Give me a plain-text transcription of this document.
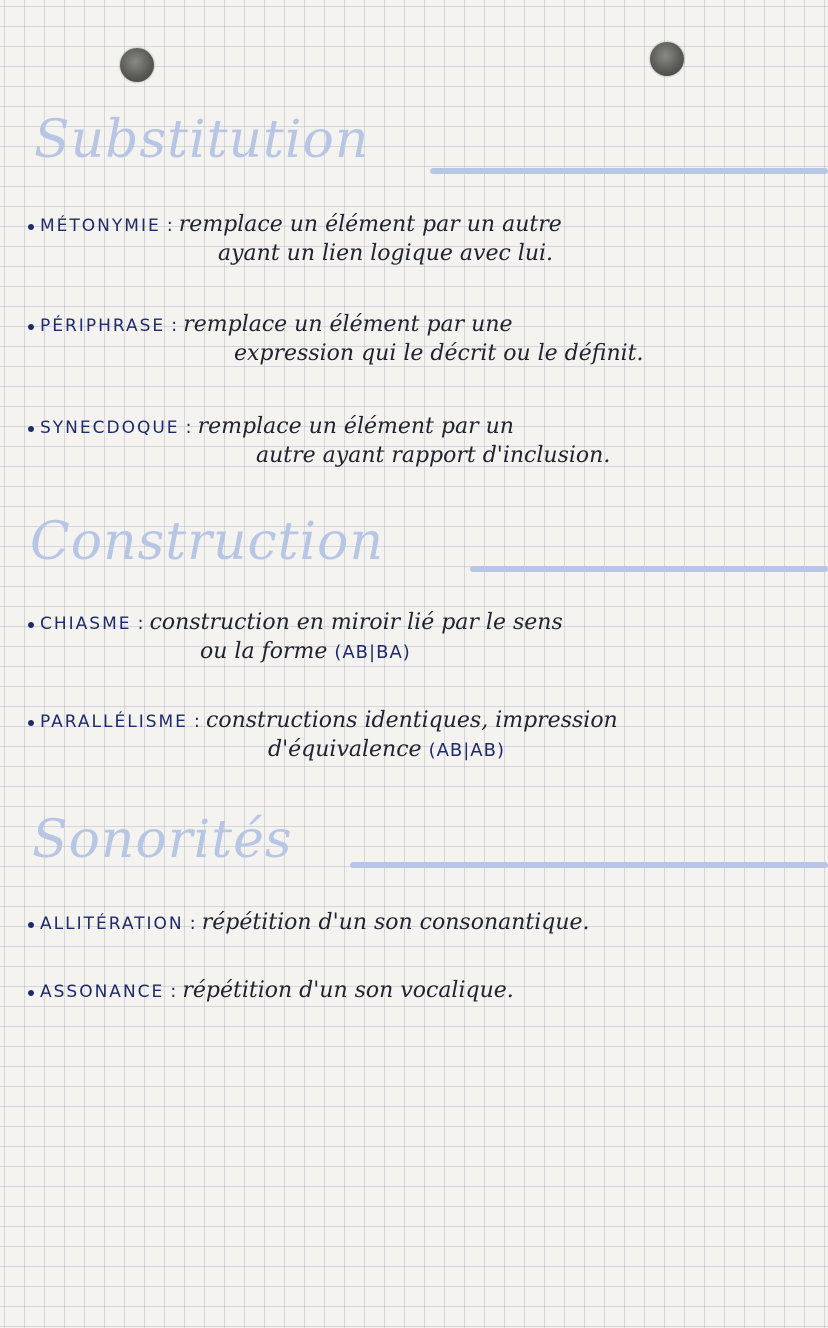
Substitution
MÉTONYMIE : remplace un élément par un autre
ayant un lien logique avec lui.
PÉRIPHRASE : remplace un élément par une
expression qui le décrit ou le définit.
SYNECDOQUE : remplace un élément par un
autre ayant rapport d'inclusion.
Construction
CHIASME : construction en miroir lié par le sens
ou la forme (AB|BA)
PARALLÉLISME : constructions identiques, impression
d'équivalence (AB|AB)
Sonorités
ALLITÉRATION : répétition d'un son consonantique.
ASSONANCE : répétition d'un son vocalique.
